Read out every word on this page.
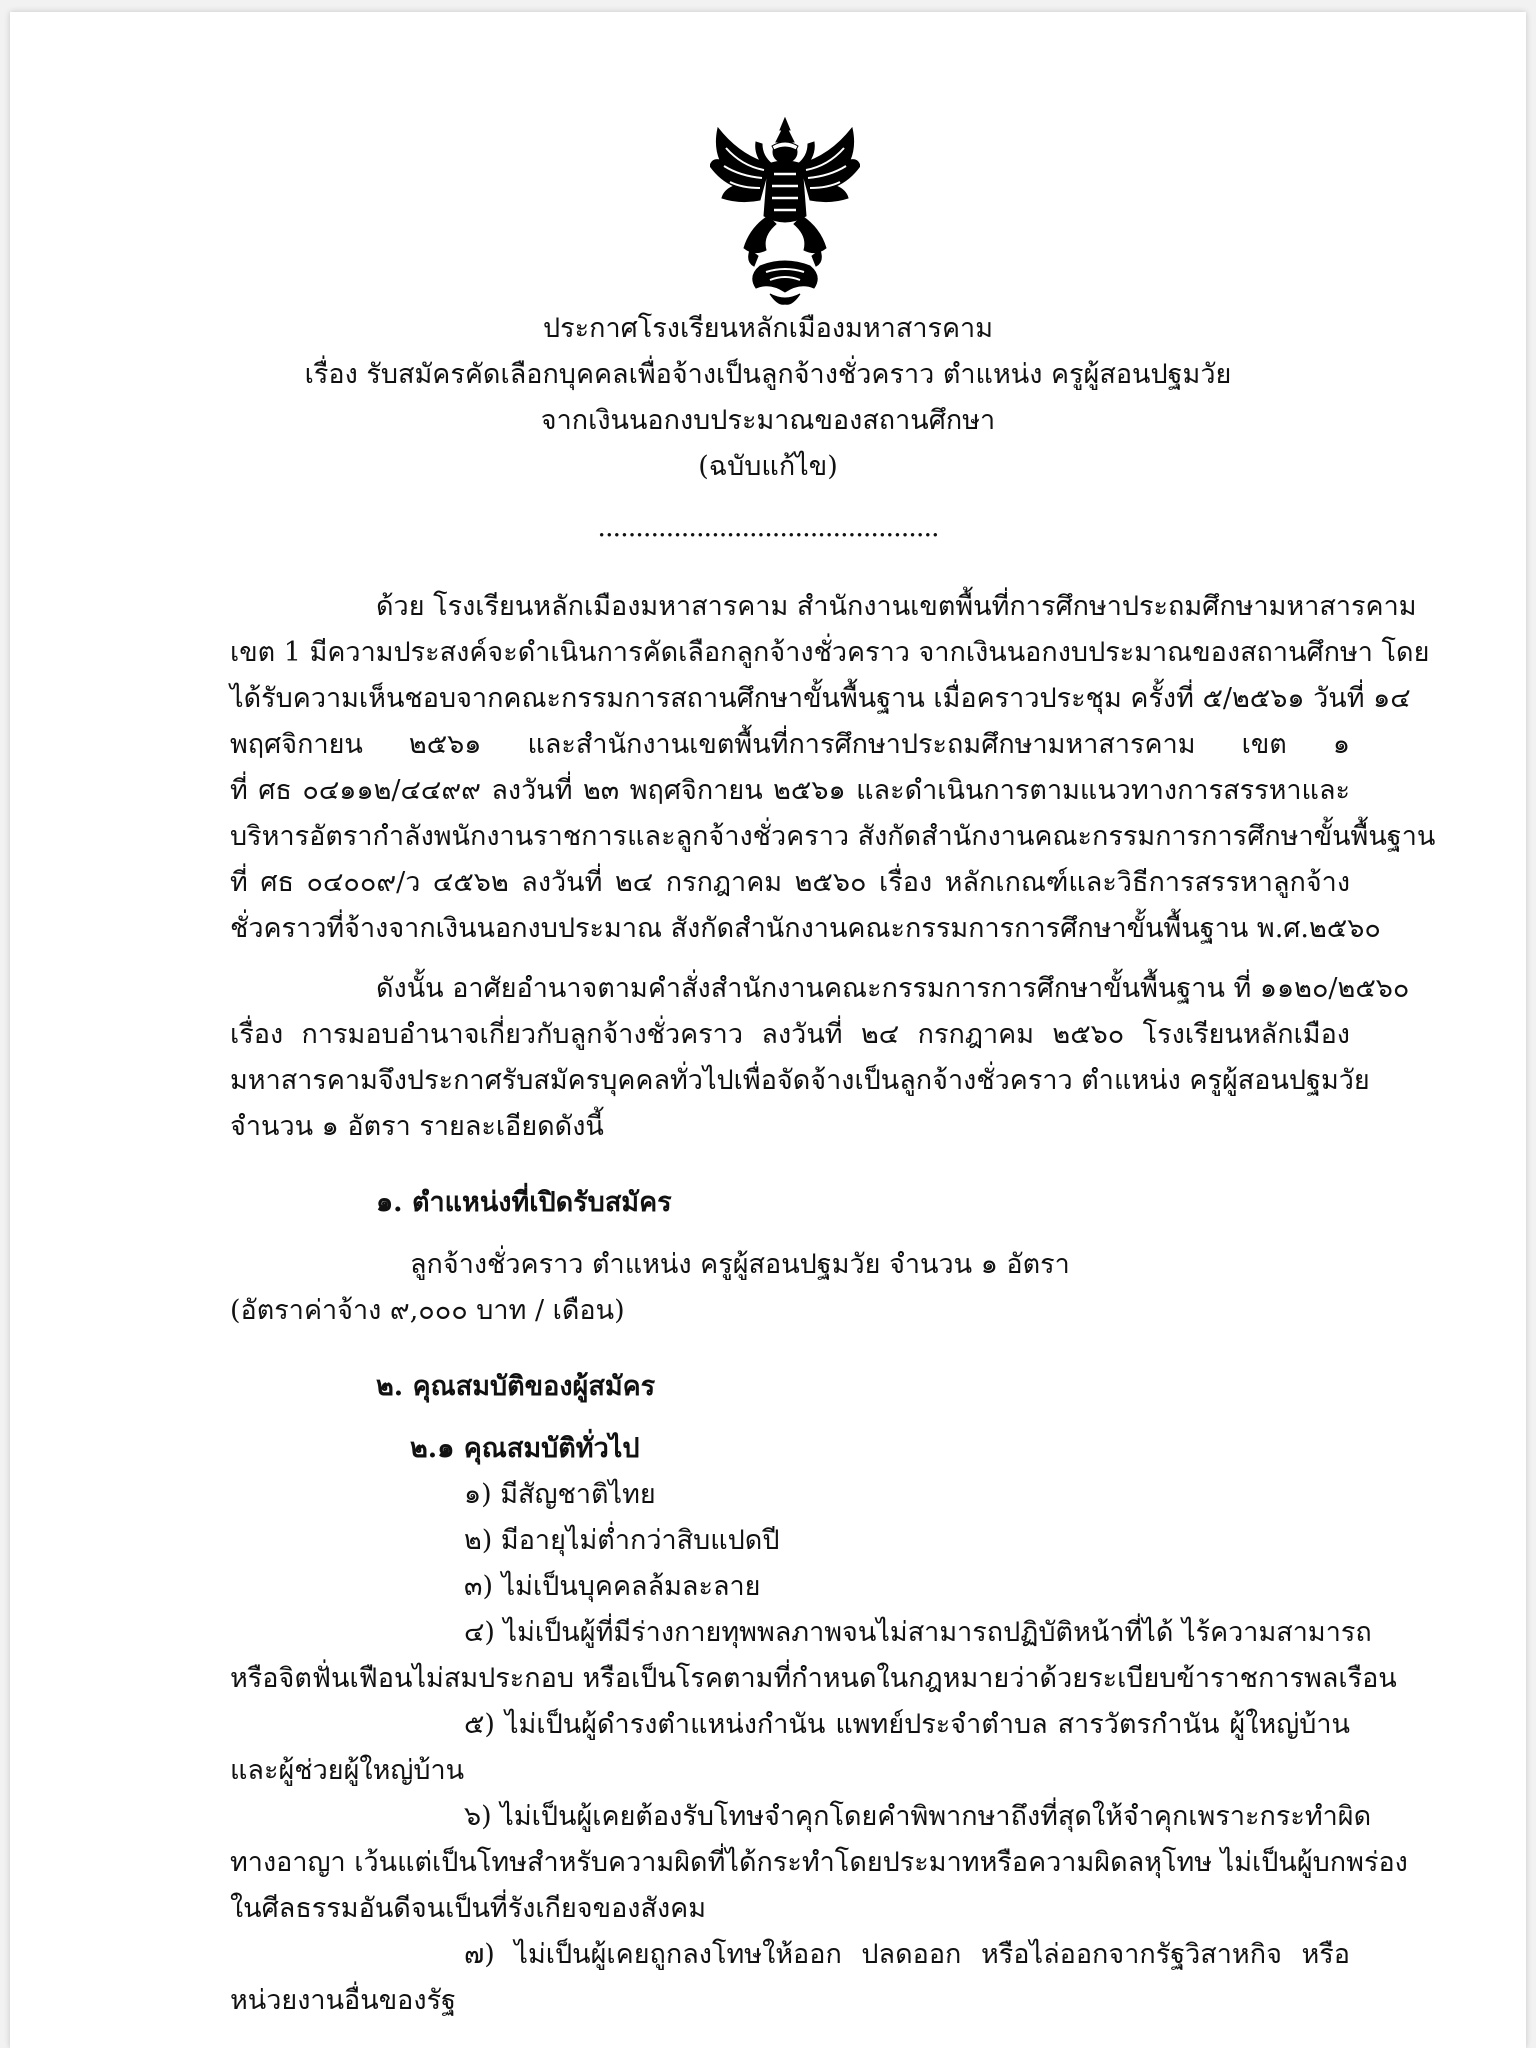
ประกาศโรงเรียนหลักเมืองมหาสารคาม
เรื่อง รับสมัครคัดเลือกบุคคลเพื่อจ้างเป็นลูกจ้างชั่วคราว ตำแหน่ง ครูผู้สอนปฐมวัย
จากเงินนอกงบประมาณของสถานศึกษา
(ฉบับแก้ไข)
.............................................
ด้วย โรงเรียนหลักเมืองมหาสารคาม สำนักงานเขตพื้นที่การศึกษาประถมศึกษามหาสารคาม
เขต 1 มีความประสงค์จะดำเนินการคัดเลือกลูกจ้างชั่วคราว จากเงินนอกงบประมาณของสถานศึกษา โดย
ได้รับความเห็นชอบจากคณะกรรมการสถานศึกษาขั้นพื้นฐาน เมื่อคราวประชุม ครั้งที่ ๕/๒๕๖๑ วันที่ ๑๔
พฤศจิกายน ๒๕๖๑ และสำนักงานเขตพื้นที่การศึกษาประถมศึกษามหาสารคาม เขต ๑
ที่ ศธ ๐๔๑๑๒/๔๔๙๙ ลงวันที่ ๒๓ พฤศจิกายน ๒๕๖๑ และดำเนินการตามแนวทางการสรรหาและ
บริหารอัตรากำลังพนักงานราชการและลูกจ้างชั่วคราว สังกัดสำนักงานคณะกรรมการการศึกษาขั้นพื้นฐาน
ที่ ศธ ๐๔๐๐๙/ว ๔๕๖๒ ลงวันที่ ๒๔ กรกฎาคม ๒๕๖๐ เรื่อง หลักเกณฑ์และวิธีการสรรหาลูกจ้าง
ชั่วคราวที่จ้างจากเงินนอกงบประมาณ สังกัดสำนักงานคณะกรรมการการศึกษาขั้นพื้นฐาน พ.ศ.๒๕๖๐
ดังนั้น อาศัยอำนาจตามคำสั่งสำนักงานคณะกรรมการการศึกษาขั้นพื้นฐาน ที่ ๑๑๒๐/๒๕๖๐
เรื่อง การมอบอำนาจเกี่ยวกับลูกจ้างชั่วคราว ลงวันที่ ๒๔ กรกฎาคม ๒๕๖๐ โรงเรียนหลักเมือง
มหาสารคามจึงประกาศรับสมัครบุคคลทั่วไปเพื่อจัดจ้างเป็นลูกจ้างชั่วคราว ตำแหน่ง ครูผู้สอนปฐมวัย
จำนวน ๑ อัตรา รายละเอียดดังนี้
๑. ตำแหน่งที่เปิดรับสมัคร
ลูกจ้างชั่วคราว ตำแหน่ง ครูผู้สอนปฐมวัย จำนวน ๑ อัตรา
(อัตราค่าจ้าง ๙,๐๐๐ บาท / เดือน)
๒. คุณสมบัติของผู้สมัคร
๒.๑ คุณสมบัติทั่วไป
๑) มีสัญชาติไทย
๒) มีอายุไม่ต่ำกว่าสิบแปดปี
๓) ไม่เป็นบุคคลล้มละลาย
๔) ไม่เป็นผู้ที่มีร่างกายทุพพลภาพจนไม่สามารถปฏิบัติหน้าที่ได้ ไร้ความสามารถ
หรือจิตฟั่นเฟือนไม่สมประกอบ หรือเป็นโรคตามที่กำหนดในกฎหมายว่าด้วยระเบียบข้าราชการพลเรือน
๕) ไม่เป็นผู้ดำรงตำแหน่งกำนัน แพทย์ประจำตำบล สารวัตรกำนัน ผู้ใหญ่บ้าน
และผู้ช่วยผู้ใหญ่บ้าน
๖) ไม่เป็นผู้เคยต้องรับโทษจำคุกโดยคำพิพากษาถึงที่สุดให้จำคุกเพราะกระทำผิด
ทางอาญา เว้นแต่เป็นโทษสำหรับความผิดที่ได้กระทำโดยประมาทหรือความผิดลหุโทษ ไม่เป็นผู้บกพร่อง
ในศีลธรรมอันดีจนเป็นที่รังเกียจของสังคม
๗) ไม่เป็นผู้เคยถูกลงโทษให้ออก ปลดออก หรือไล่ออกจากรัฐวิสาหกิจ หรือ
หน่วยงานอื่นของรัฐ
